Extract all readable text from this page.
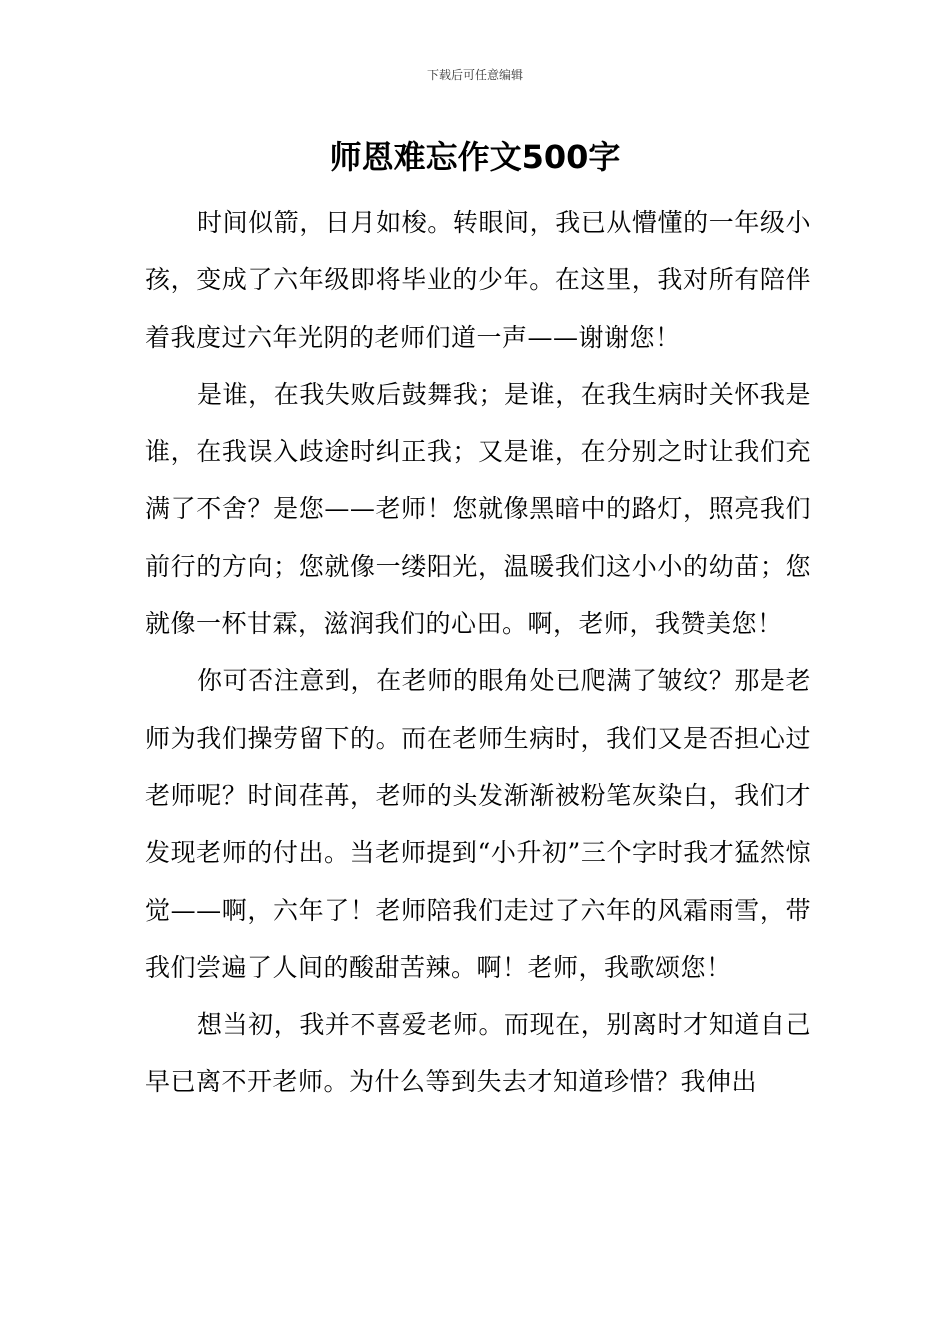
下载后可任意编辑
师恩难忘作文500字

时间似箭，日月如梭。转眼间，我已从懵懂的一年级小孩，变成了六年级即将毕业的少年。在这里，我对所有陪伴着我度过六年光阴的老师们道一声——谢谢您！

是谁，在我失败后鼓舞我；是谁，在我生病时关怀我是谁，在我误入歧途时纠正我；又是谁，在分别之时让我们充满了不舍？是您——老师！您就像黑暗中的路灯，照亮我们前行的方向；您就像一缕阳光，温暖我们这小小的幼苗；您就像一杯甘霖，滋润我们的心田。啊，老师，我赞美您！

你可否注意到，在老师的眼角处已爬满了皱纹？那是老师为我们操劳留下的。而在老师生病时，我们又是否担心过老师呢？时间荏苒，老师的头发渐渐被粉笔灰染白，我们才发现老师的付出。当老师提到“小升初”三个字时我才猛然惊觉——啊，六年了！老师陪我们走过了六年的风霜雨雪，带我们尝遍了人间的酸甜苦辣。啊！老师，我歌颂您！

想当初，我并不喜爱老师。而现在，别离时才知道自己早已离不开老师。为什么等到失去才知道珍惜？我伸出
